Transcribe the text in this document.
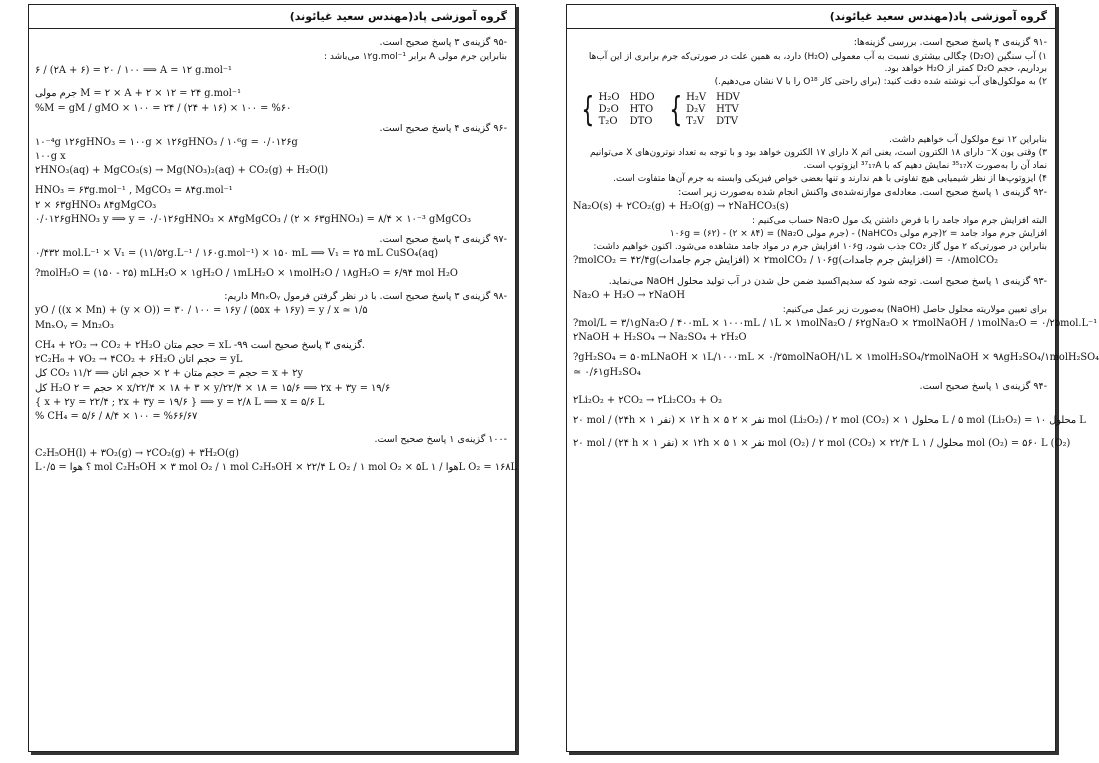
گروه آموزشی پاد(مهندس سعید غیائوند)
-۹۵ گزینه‌ی ۳ پاسخ صحیح است.
بنابراین جرم مولی A برابر ۱۲g.mol⁻¹ می‌باشد :
۶ / (۲A + ۶) = ۲۰ / ۱۰۰ ⟹ A = ۱۲ g.mol⁻¹
جرم مولی M = ۲ × A + ۲ × ۱۲ = ۲۴ g.mol⁻¹
%M = gM / gMO × ۱۰۰ = ۲۴ / (۲۴ + ۱۶) × ۱۰۰ = %۶۰
-۹۶ گزینه‌ی ۴ پاسخ صحیح است.
۱۰⁻⁴g ۱۲۶gHNO₃ = ۱۰۰g × ۱۲۶gHNO₃ / ۱۰⁶g = ۰/۰۱۲۶g
۱۰۰g x
۲HNO₃(aq) + MgCO₃(s) → Mg(NO₃)₂(aq) + CO₂(g) + H₂O(l)
HNO₃ = ۶۳g.mol⁻¹ , MgCO₃ = ۸۴g.mol⁻¹
۲ × ۶۳gHNO₃ ۸۴gMgCO₃
۰/۰۱۲۶gHNO₃ y ⟹ y = ۰/۰۱۲۶gHNO₃ × ۸۴gMgCO₃ / (۲ × ۶۳gHNO₃) = ۸/۴ × ۱۰⁻³ gMgCO₃
-۹۷ گزینه‌ی ۳ پاسخ صحیح است.
۰/۴۳۲ mol.L⁻¹ × V₁ = (۱۱/۵۲g.L⁻¹ / ۱۶۰g.mol⁻¹) × ۱۵۰ mL ⟹ V₁ = ۲۵ mL CuSO₄(aq)
?molH₂O = (۱۵۰ - ۲۵) mLH₂O × ۱gH₂O / ۱mLH₂O × ۱molH₂O / ۱۸gH₂O = ۶/۹۴ mol H₂O
-۹۸ گزینه‌ی ۳ پاسخ صحیح است. با در نظر گرفتن فرمول MnₓOᵧ داریم:
yO / ((x × Mn) + (y × O)) = ۳۰ / ۱۰۰ = ۱۶y / (۵۵x + ۱۶y) = y / x ≃ ۱/۵
MnₓOᵧ = Mn₂O₃
CH₄ + ۲O₂ → CO₂ + ۲H₂O حجم متان = xL -۹۹ گزینه‌ی ۳ پاسخ صحیح است.
۲C₂H₆ + ۷O₂ → ۴CO₂ + ۶H₂O حجم اتان = yL
کل CO₂ حجم = حجم متان + ۲ × حجم اتان ⟹ ۱۱/۲ = x + ۲y
کل H₂O حجم = ۲ × x/۲۲/۴ × ۱۸ + ۳ × y/۲۲/۴ × ۱۸ = ۱۵/۶ ⟹ ۲x + ۳y = ۱۹/۶
{ x + ۲y = ۲۲/۴ ; ۲x + ۳y = ۱۹/۶ } ⟹ y = ۲/۸ L ⟹ x = ۵/۶ L
% CH₄ = ۵/۶ / ۸/۴ × ۱۰۰ = %۶۶/۶۷
-۱۰۰ گزینه‌ی ۱ پاسخ صحیح است.
C₂H₅OH(l) + ۳O₂(g) → ۲CO₂(g) + ۳H₂O(g)
L؟ هوا = ۰/۵ mol C₂H₅OH × ۳ mol O₂ / ۱ mol C₂H₅OH × ۲۲/۴ L O₂ / ۱ mol O₂ × ۵L هوا / ۱L O₂ = ۱۶۸L
گروه آموزشی پاد(مهندس سعید غیائوند)
-۹۱ گزینه‌ی ۴ پاسخ صحیح است. بررسی گزینه‌ها:
۱) آب سنگین (D₂O) چگالی بیشتری نسبت به آب معمولی (H₂O) دارد، به همین علت در صورتی‌که جرم برابری از این آب‌ها برداریم، حجم D₂O کمتر از H₂O خواهد بود.
۲) به مولکول‌های آب نوشته شده دقت کنید: (برای راحتی کار O¹⁸ را با V نشان می‌دهیم.)
{ H₂O
D₂O
T₂O
HDO
HTO
DTO { H₂V
D₂V
T₂V
HDV
HTV
DTV
بنابراین ۱۲ نوع مولکول آب خواهیم داشت.
۳) وقتی یون X⁻ دارای ۱۸ الکترون است، یعنی اتم X دارای ۱۷ الکترون خواهد بود و با توجه به تعداد نوترون‌های X می‌توانیم نماد آن را به‌صورت ³⁵₁₇X نمایش دهیم که با ³⁷₁₇A ایزوتوپ است.
۴) ایزوتوپ‌ها از نظر شیمیایی هیچ تفاوتی با هم ندارند و تنها بعضی خواص فیزیکی وابسته به جرم آن‌ها متفاوت است.
-۹۲ گزینه‌ی ۱ پاسخ صحیح است. معادله‌ی موازنه‌شده‌ی واکنش انجام شده به‌صورت زیر است:
Na₂O(s) + ۲CO₂(g) + H₂O(g) → ۲NaHCO₃(s)
البته افزایش جرم مواد جامد را با فرض داشتن یک مول Na₂O حساب می‌کنیم :
افزایش جرم مواد جامد = ۲(جرم مولی NaHCO₃) - (جرم مولی Na₂O) = (۲ × ۸۴) - (۶۲) = ۱۰۶g
بنابراین در صورتی‌که ۲ مول گاز CO₂ جذب شود، ۱۰۶g افزایش جرم در مواد جامد مشاهده می‌شود. اکنون خواهیم داشت:
?molCO₂ = ۴۲/۴g(افزایش جرم جامدات) × ۲molCO₂ / ۱۰۶g(افزایش جرم جامدات) = ۰/۸molCO₂
-۹۳ گزینه‌ی ۱ پاسخ صحیح است. توجه شود که سدیم‌اکسید ضمن حل شدن در آب تولید محلول NaOH می‌نماید.
Na₂O + H₂O → ۲NaOH
برای تعیین مولاریته محلول حاصل (NaOH) به‌صورت زیر عمل می‌کنیم:
?mol/L = ۳/۱gNa₂O / ۴۰۰mL × ۱۰۰۰mL / ۱L × ۱molNa₂O / ۶۲gNa₂O × ۲molNaOH / ۱molNa₂O = ۰/۲۵mol.L⁻¹
۲NaOH + H₂SO₄ → Na₂SO₄ + ۲H₂O
?gH₂SO₄ = ۵۰mLNaOH × ۱L/۱۰۰۰mL × ۰/۲۵molNaOH/۱L × ۱molH₂SO₄/۲molNaOH × ۹۸gH₂SO₄/۱molH₂SO₄
≃ ۰/۶۱gH₂SO₄
-۹۴ گزینه‌ی ۱ پاسخ صحیح است.
۲Li₂O₂ + ۲CO₂ → ۲Li₂CO₃ + O₂
۲۰ mol / (۲۴h × ۱ نفر) × ۱۲ h × ۵ نفر × ۲ mol (Li₂O₂) / ۲ mol (CO₂) × محلول ۱ L / ۵ mol (Li₂O₂) = محلول ۱۰ L
۲۰ mol / (۲۴ h × ۱ نفر) × ۱۲h × ۵ نفر × ۱ mol (O₂) / ۲ mol (CO₂) × ۲۲/۴ L محلول / ۱ mol (O₂) = ۵۶۰ L (O₂)
